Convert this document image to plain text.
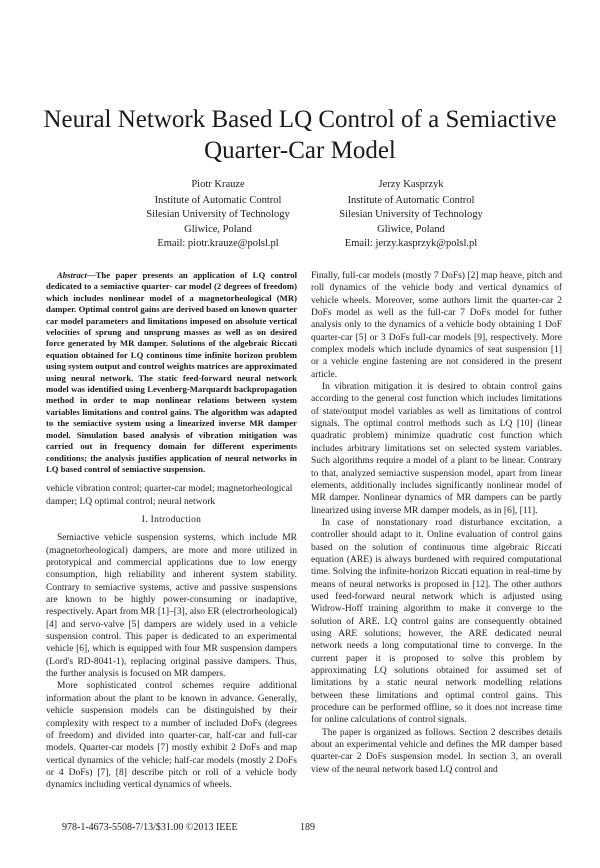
Neural Network Based LQ Control of a Semiactive
Quarter-Car Model
Piotr Krauze
Institute of Automatic Control
Silesian University of Technology
Gliwice, Poland
Email: piotr.krauze@polsl.pl
Jerzy Kasprzyk
Institute of Automatic Control
Silesian University of Technology
Gliwice, Poland
Email: jerzy.kasprzyk@polsl.pl

Abstract—The paper presents an application of LQ control dedicated to a semiactive quarter- car model (2 degrees of freedom) which includes nonlinear model of a magnetorheological (MR) damper. Optimal control gains are derived based on known quarter car model parameters and limitations imposed on absolute vertical velocities of sprung and unsprung masses as well as on desired force generated by MR damper. Solutions of the algebraic Riccati equation obtained for LQ continous time infinite horizon problem using system output and control weights matrices are approximated using neural network. The static feed-forward neural network model was identified using Levenberg-Marquardt backpropagation method in order to map nonlinear relations between system variables limitations and control gains. The algorithm was adapted to the semiactive system using a linearized inverse MR damper model. Simulation based analysis of vibration mitigation was carried out in frequency domain for different experiments conditions; the analysis justifies application of neural networks in LQ based control of semiactive suspension.

vehicle vibration control; quarter-car model; magnetorheological damper; LQ optimal control; neural network

I. Introduction

Semiactive vehicle suspension systems, which include MR (magnetorheological) dampers, are more and more utilized in prototypical and commercial applications due to low energy consumption, high reliability and inherent system stability. Contrary to semiactive systems, active and passive suspensions are known to be highly power-consuming or inadaptive, respectively. Apart from MR [1]–[3], also ER (electrorheological) [4] and servo-valve [5] dampers are widely used in a vehicle suspension control. This paper is dedicated to an experimental vehicle [6], which is equipped with four MR suspension dampers (Lord's RD-8041-1), replacing original passive dampers. Thus, the further analysis is focused on MR dampers.

More sophisticated control schemes require additional information about the plant to be known in advance. Generally, vehicle suspension models can be distinguished by their complexity with respect to a number of included DoFs (degrees of freedom) and divided into quarter-car, half-car and full-car models. Quarter-car models [7] mostly exhibit 2 DoFs and map vertical dynamics of the vehicle; half-car models (mostly 2 DoFs or 4 DoFs) [7], [8] describe pitch or roll of a vehicle body dynamics including vertical dynamics of wheels.

Finally, full-car models (mostly 7 DoFs) [2] map heave, pitch and roll dynamics of the vehicle body and vertical dynamics of vehicle wheels. Moreover, some authors limit the quarter-car 2 DoFs model as well as the full-car 7 DoFs model for futher analysis only to the dynamics of a vehicle body obtaining 1 DoF quarter-car [5] or 3 DoFs full-car models [9], respectively. More complex models which include dynamics of seat suspension [1] or a vehicle engine fastening are not considered in the present article.

In vibration mitigation it is desired to obtain control gains according to the general cost function which includes limitations of state/output model variables as well as limitations of control signals. The optimal control methods such as LQ [10] (linear quadratic problem) minimize quadratic cost function which includes arbitrary limitations set on selected system variables. Such algorithms require a model of a plant to be linear. Contrary to that, analyzed semiactive suspension model, apart from linear elements, additionally includes significantly nonlinear model of MR damper. Nonlinear dynamics of MR dampers can be partly linearized using inverse MR damper models, as in [6], [11].

In case of nonstationary road disturbance excitation, a controller should adapt to it. Online evaluation of control gains based on the solution of continuous time algebraic Riccati equation (ARE) is always burdened with required computational time. Solving the infinite-horizon Riccati equation in real-time by means of neural networks is proposed in [12]. The other authors used feed-forward neural network which is adjusted using Widrow-Hoff training algorithm to make it converge to the solution of ARE. LQ control gains are consequently obtained using ARE solutions; however, the ARE dedicated neural network needs a long computational time to converge. In the current paper it is proposed to solve this problem by approximating LQ solutions obtained for assumed set of limitations by a static neural network modelling relations between these limitations and optimal control gains. This procedure can be performed offline, so it does not increase time for online calculations of control signals.

The paper is organized as follows. Section 2 describes details about an experimental vehicle and defines the MR damper based quarter-car 2 DoFs suspension model. In section 3, an overall view of the neural network based LQ control and

978-1-4673-5508-7/13/$31.00 ©2013 IEEE	189
